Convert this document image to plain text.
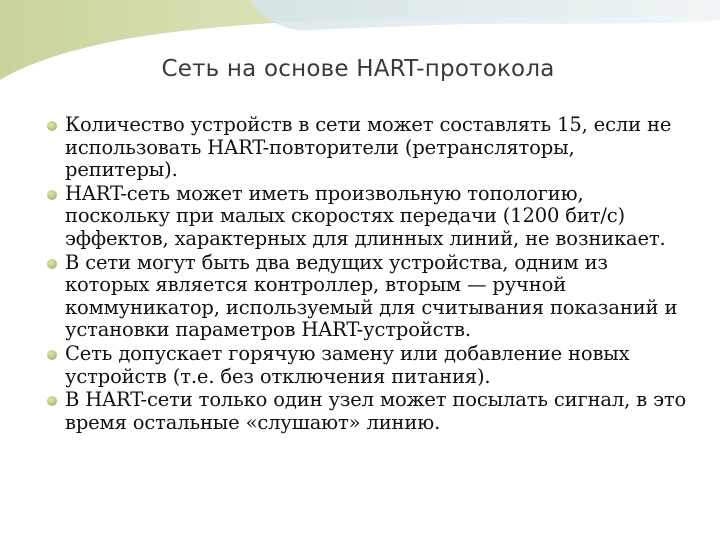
Сеть на основе HART-протокола
Количество устройств в сети может составлять 15, если не использовать HART-повторители (ретрансляторы, репитеры).
HART-сеть может иметь произвольную топологию, поскольку при малых скоростях передачи (1200 бит/с) эффектов, характерных для длинных линий, не возникает.
В сети могут быть два ведущих устройства, одним из которых является контроллер, вторым — ручной коммуникатор, используемый для считывания показаний и установки параметров HART-устройств.
Сеть допускает горячую замену или добавление новых устройств (т.е. без отключения питания).
В HART-сети только один узел может посылать сигнал, в это время остальные «слушают» линию.
